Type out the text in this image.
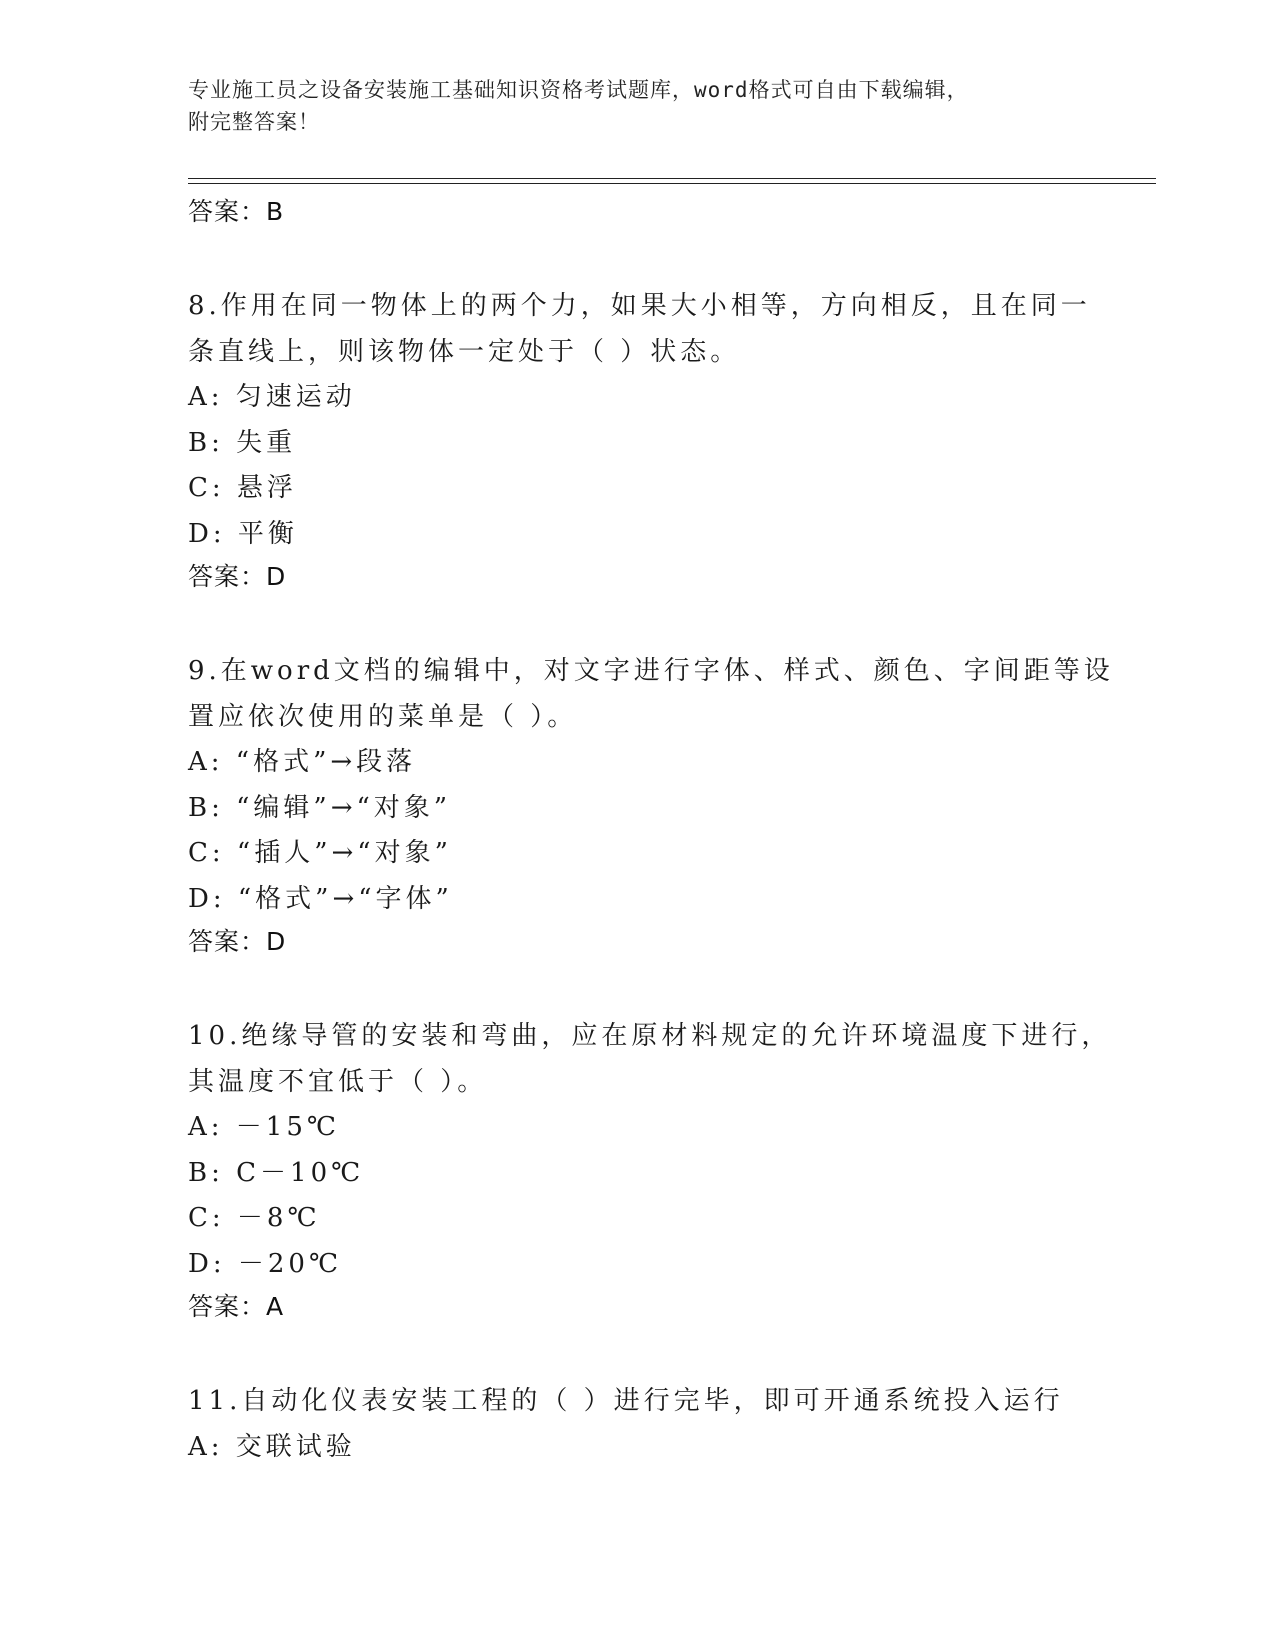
专业施工员之设备安装施工基础知识资格考试题库，word格式可自由下载编辑，
附完整答案！
答案：B
8.作用在同一物体上的两个力，如果大小相等，方向相反，且在同一
条直线上，则该物体一定处于（ ）状态。
A: 匀速运动
B: 失重
C: 悬浮
D: 平衡
答案：D
9.在word文档的编辑中，对文字进行字体、样式、颜色、字间距等设
置应依次使用的菜单是（ ）。
A: “格式”→段落
B: “编辑”→“对象”
C: “插人”→“对象”
D: “格式”→“字体”
答案：D
10.绝缘导管的安装和弯曲，应在原材料规定的允许环境温度下进行，
其温度不宜低于（ ）。
A: －15℃
B: C－10℃
C: －8℃
D: －20℃
答案：A
11.自动化仪表安装工程的（ ）进行完毕，即可开通系统投入运行
A: 交联试验
